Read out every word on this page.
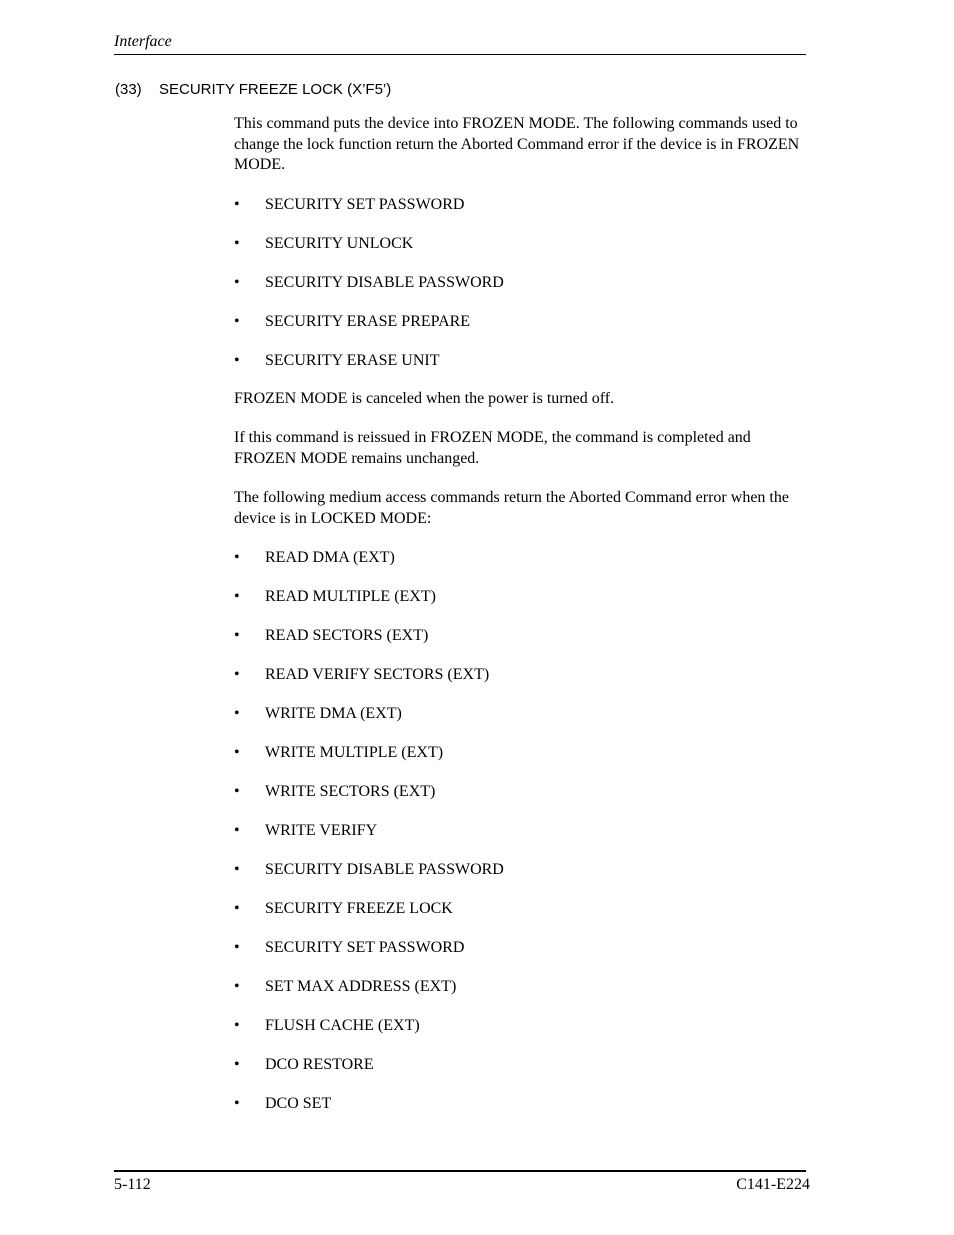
Interface
(33) SECURITY FREEZE LOCK (X’F5’)

This command puts the device into FROZEN MODE. The following commands used to change the lock function return the Aborted Command error if the device is in FROZEN MODE.

• SECURITY SET PASSWORD
• SECURITY UNLOCK
• SECURITY DISABLE PASSWORD
• SECURITY ERASE PREPARE
• SECURITY ERASE UNIT

FROZEN MODE is canceled when the power is turned off.

If this command is reissued in FROZEN MODE, the command is completed and FROZEN MODE remains unchanged.

The following medium access commands return the Aborted Command error when the device is in LOCKED MODE:

• READ DMA (EXT)
• READ MULTIPLE (EXT)
• READ SECTORS (EXT)
• READ VERIFY SECTORS (EXT)
• WRITE DMA (EXT)
• WRITE MULTIPLE (EXT)
• WRITE SECTORS (EXT)
• WRITE VERIFY
• SECURITY DISABLE PASSWORD
• SECURITY FREEZE LOCK
• SECURITY SET PASSWORD
• SET MAX ADDRESS (EXT)
• FLUSH CACHE (EXT)
• DCO RESTORE
• DCO SET
5-112	C141-E224
